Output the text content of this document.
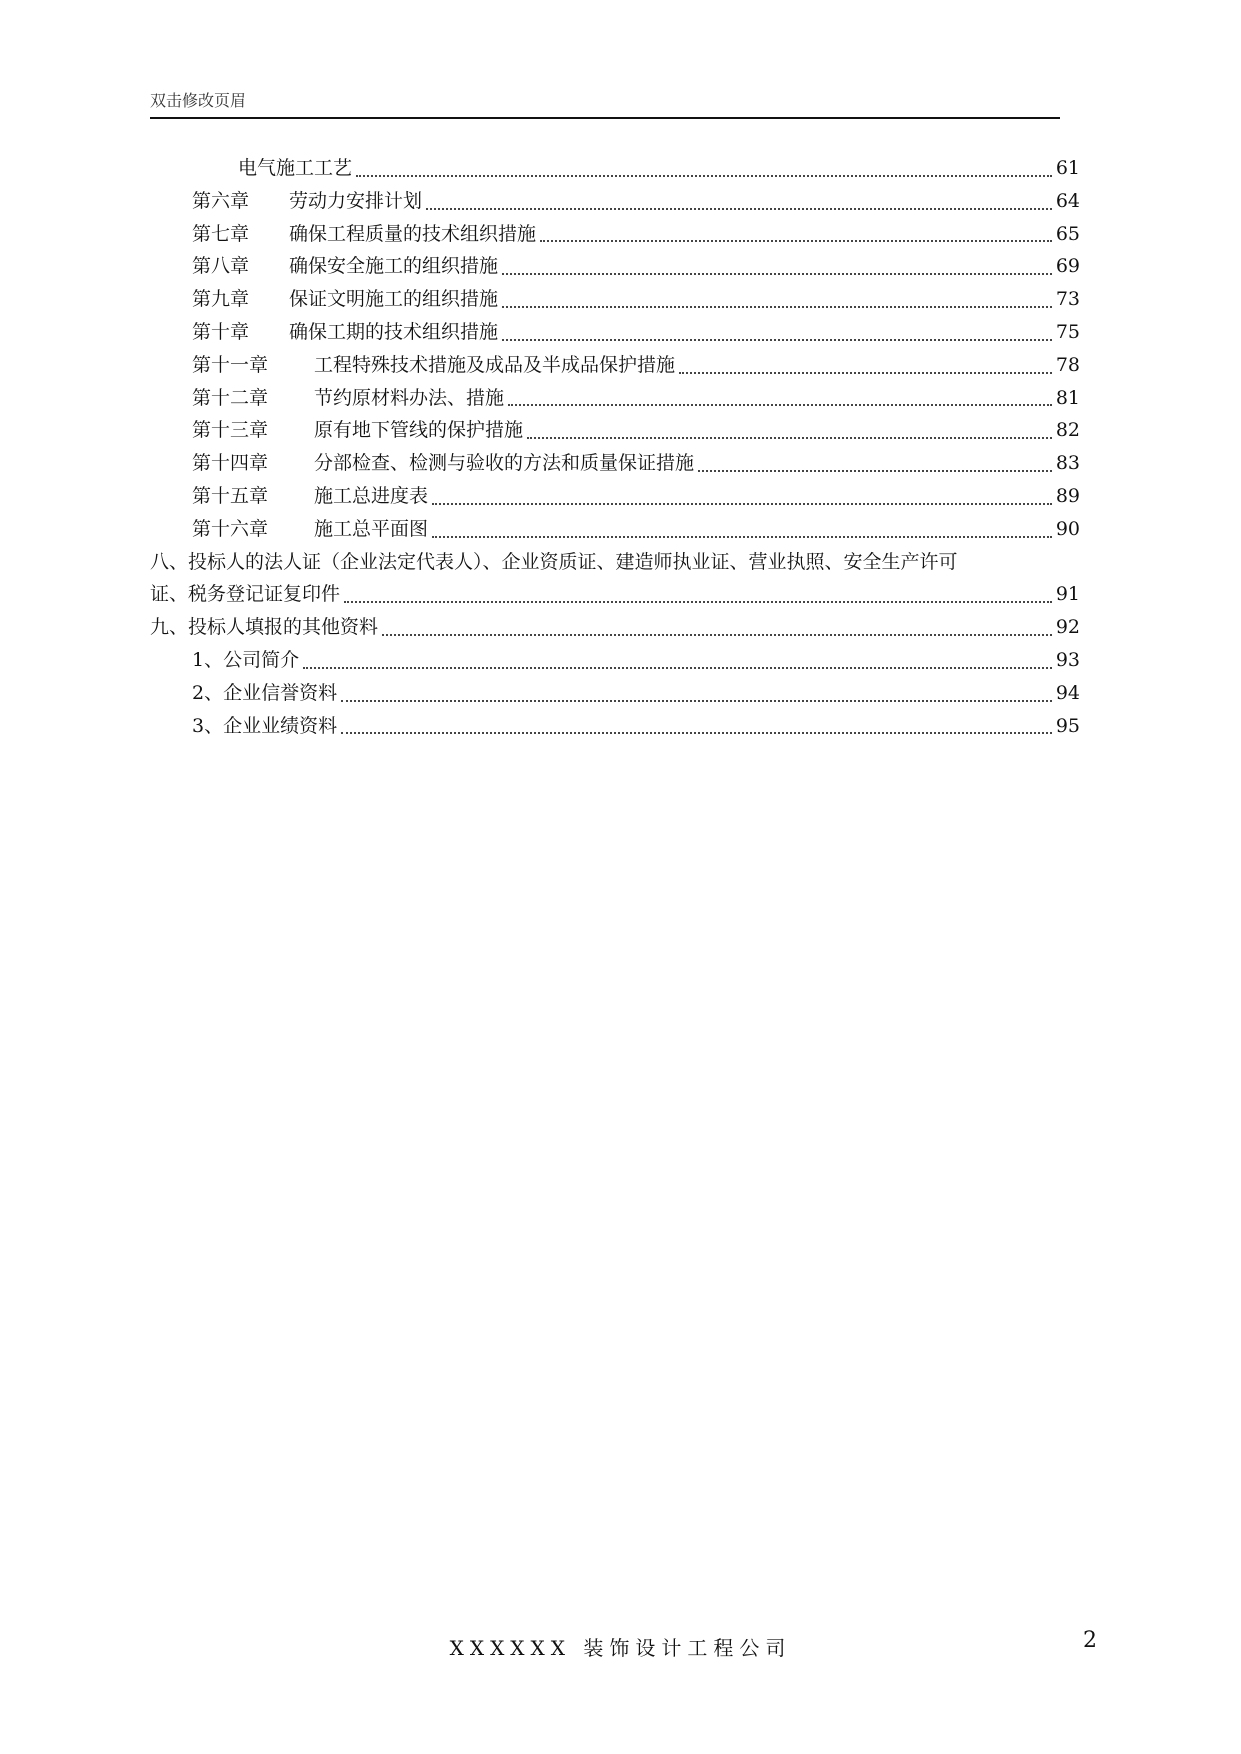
双击修改页眉
电气施工工艺	61
第六章 劳动力安排计划	64
第七章 确保工程质量的技术组织措施	65
第八章 确保安全施工的组织措施	69
第九章 保证文明施工的组织措施	73
第十章 确保工期的技术组织措施	75
第十一章 工程特殊技术措施及成品及半成品保护措施	78
第十二章 节约原材料办法、措施	81
第十三章 原有地下管线的保护措施	82
第十四章 分部检查、检测与验收的方法和质量保证措施	83
第十五章 施工总进度表	89
第十六章 施工总平面图	90
八、投标人的法人证（企业法定代表人）、企业资质证、建造师执业证、营业执照、安全生产许可
证、税务登记证复印件	91
九、投标人填报的其他资料	92
1、公司简介	93
2、企业信誉资料	94
3、企业业绩资料	95
XXXXXX 装饰设计工程公司	2
